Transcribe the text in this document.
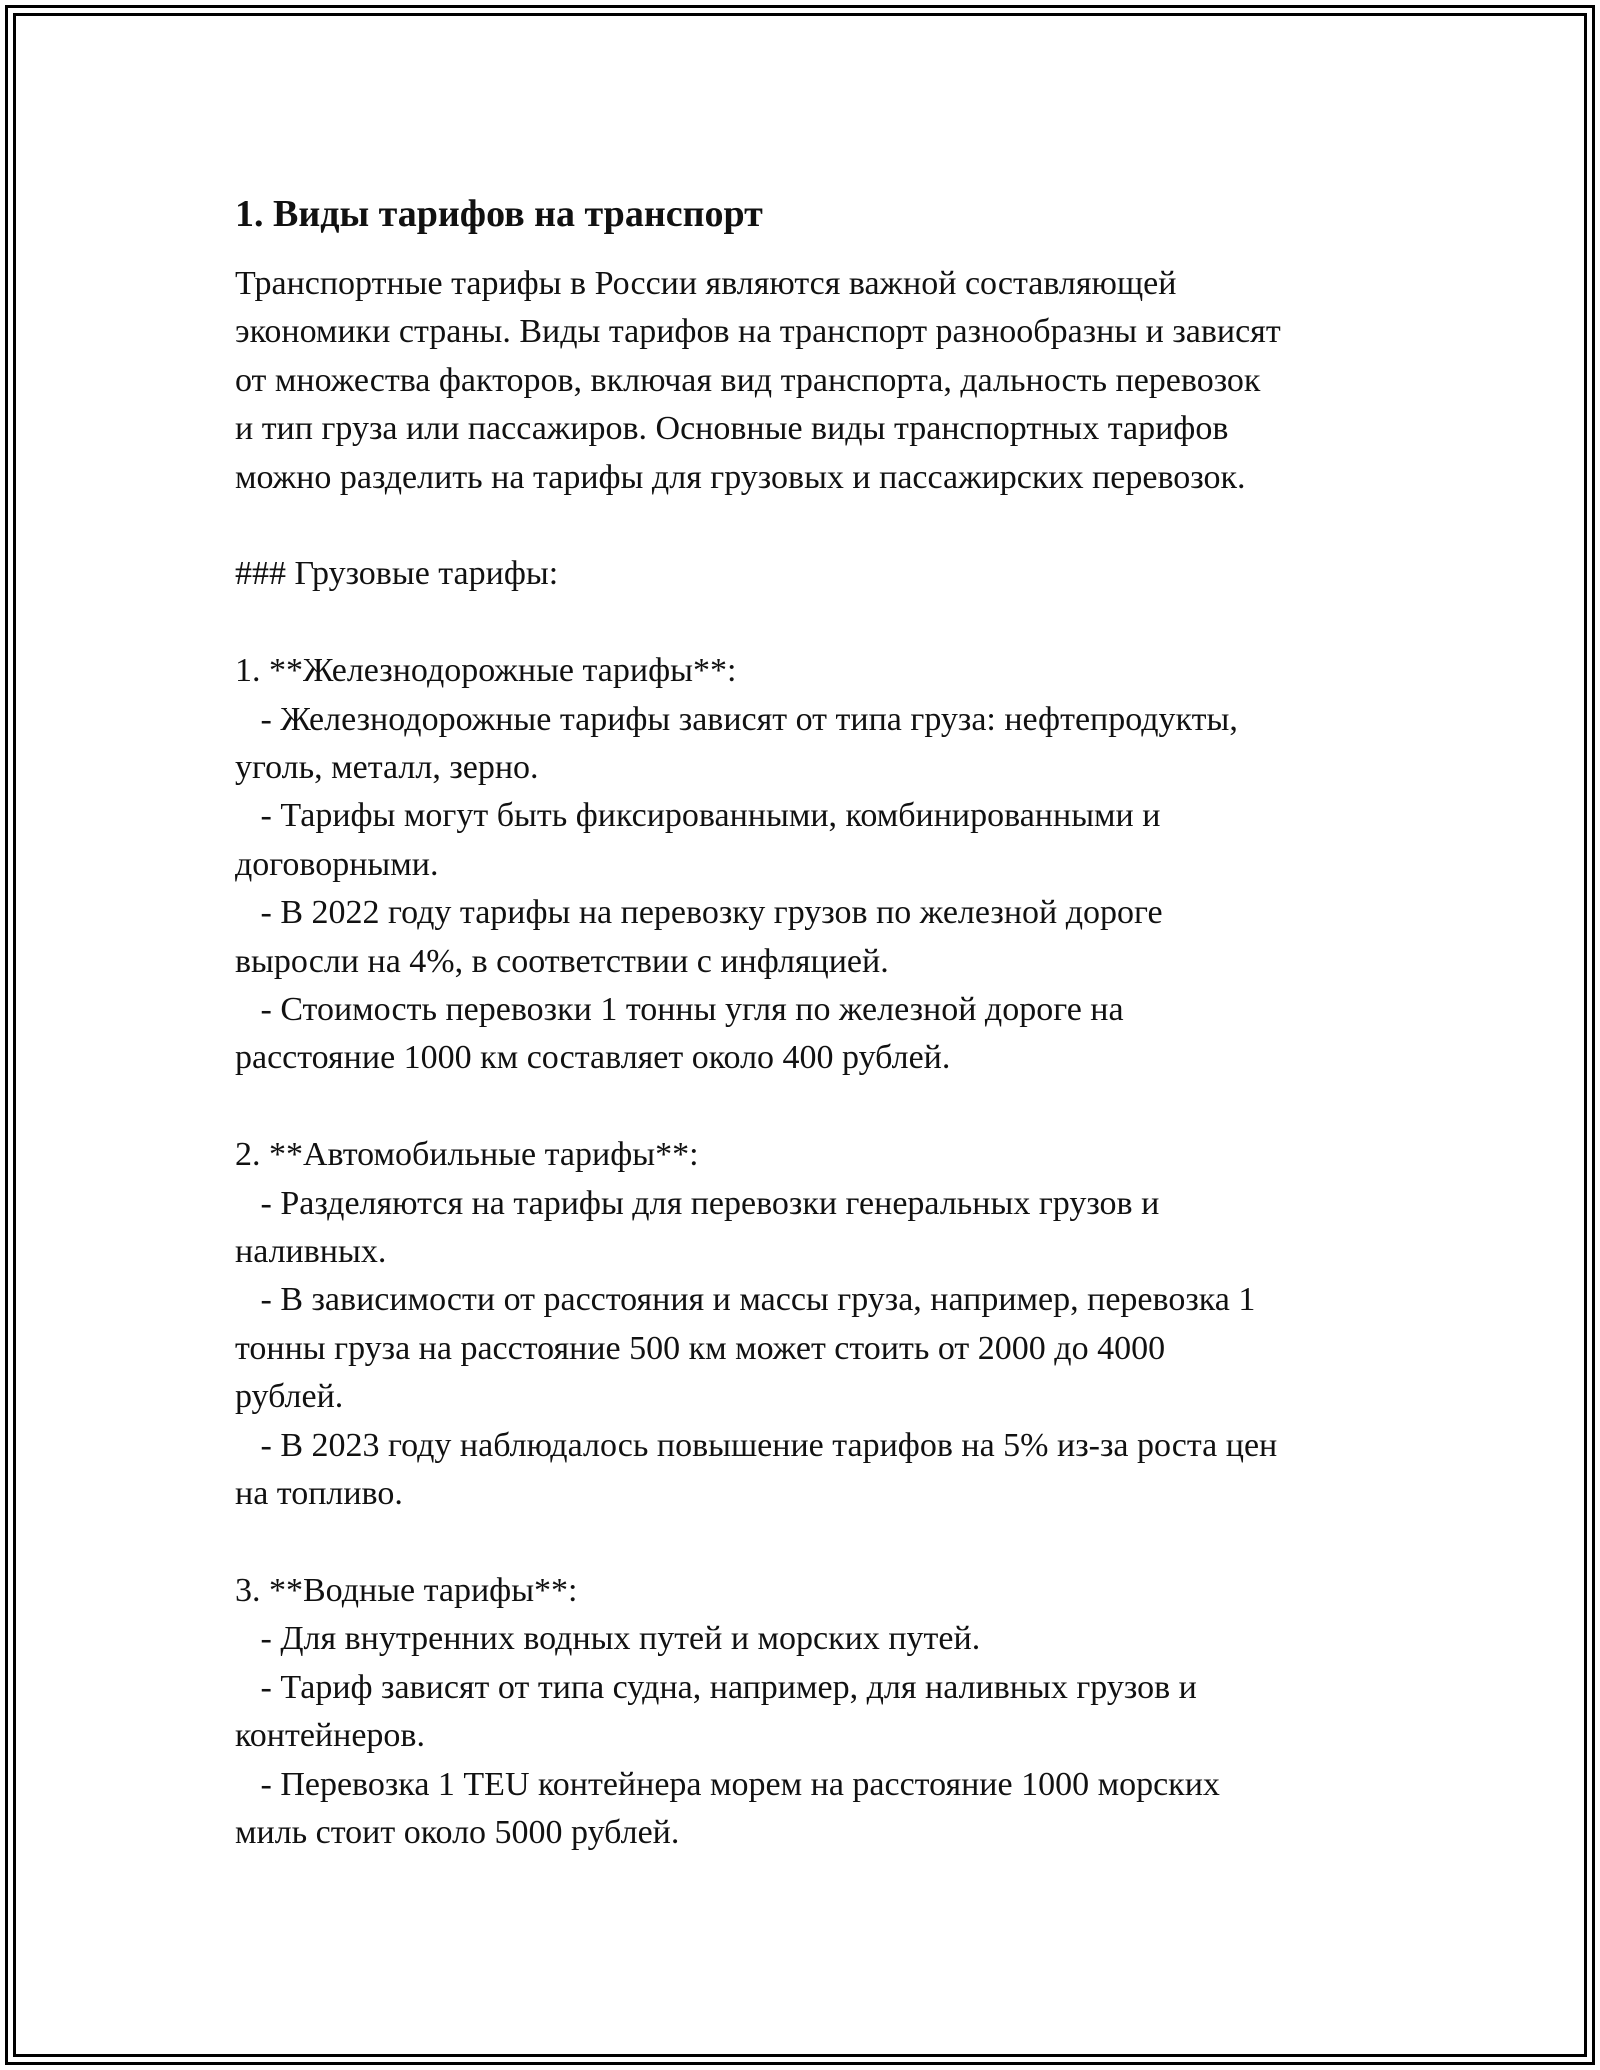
1. Виды тарифов на транспорт

Транспортные тарифы в России являются важной составляющей

экономики страны. Виды тарифов на транспорт разнообразны и зависят

от множества факторов, включая вид транспорта, дальность перевозок

и тип груза или пассажиров. Основные виды транспортных тарифов

можно разделить на тарифы для грузовых и пассажирских перевозок.

### Грузовые тарифы:

1. **Железнодорожные тарифы**:

- Железнодорожные тарифы зависят от типа груза: нефтепродукты,

уголь, металл, зерно.

- Тарифы могут быть фиксированными, комбинированными и

договорными.

- В 2022 году тарифы на перевозку грузов по железной дороге

выросли на 4%, в соответствии с инфляцией.

- Стоимость перевозки 1 тонны угля по железной дороге на

расстояние 1000 км составляет около 400 рублей.

2. **Автомобильные тарифы**:

- Разделяются на тарифы для перевозки генеральных грузов и

наливных.

- В зависимости от расстояния и массы груза, например, перевозка 1

тонны груза на расстояние 500 км может стоить от 2000 до 4000

рублей.

- В 2023 году наблюдалось повышение тарифов на 5% из-за роста цен

на топливо.

3. **Водные тарифы**:

- Для внутренних водных путей и морских путей.

- Тариф зависят от типа судна, например, для наливных грузов и

контейнеров.

- Перевозка 1 TEU контейнера морем на расстояние 1000 морских

миль стоит около 5000 рублей.
